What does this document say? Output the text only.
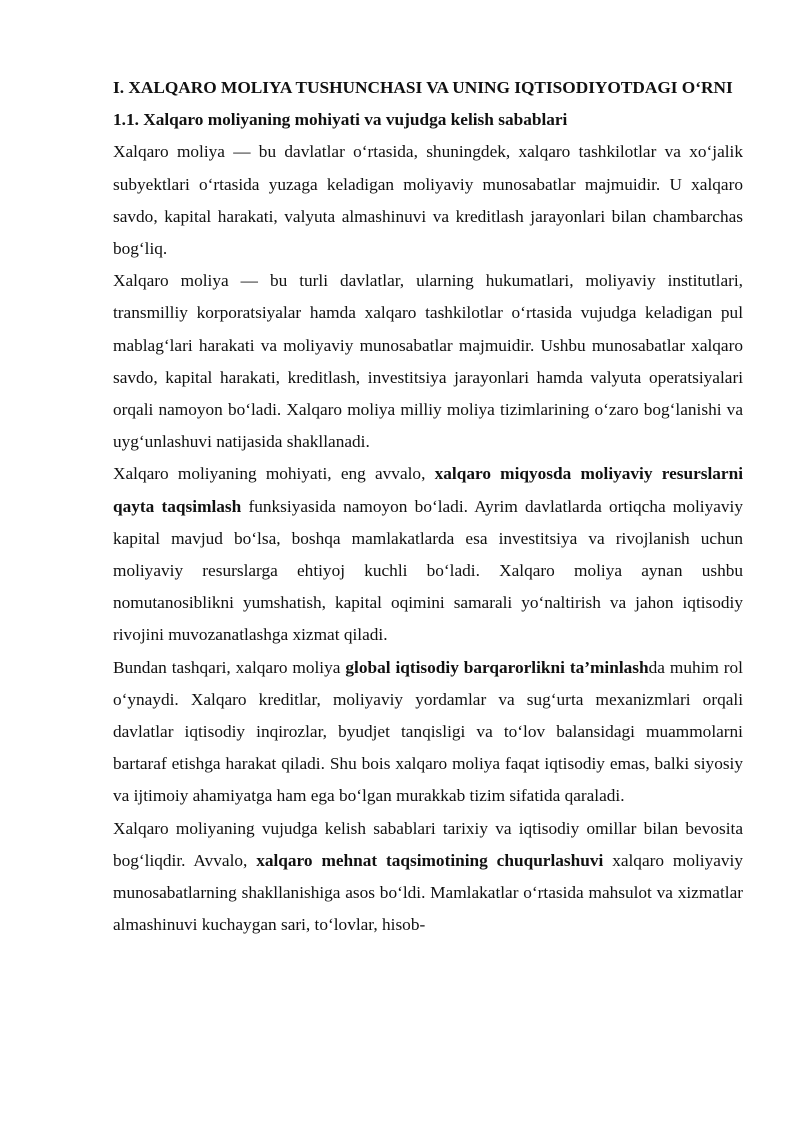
I. XALQARO MOLIYA TUSHUNCHASI VA UNING IQTISODIYOTDAGI O‘RNI
1.1. Xalqaro moliyaning mohiyati va vujudga kelish sabablari

Xalqaro moliya — bu davlatlar o‘rtasida, shuningdek, xalqaro tashkilotlar va xo‘jalik subyektlari o‘rtasida yuzaga keladigan moliyaviy munosabatlar majmuidir. U xalqaro savdo, kapital harakati, valyuta almashinuvi va kreditlash jarayonlari bilan chambarchas bog‘liq.

Xalqaro moliya — bu turli davlatlar, ularning hukumatlari, moliyaviy institutlari, transmilliy korporatsiyalar hamda xalqaro tashkilotlar o‘rtasida vujudga keladigan pul mablag‘lari harakati va moliyaviy munosabatlar majmuidir. Ushbu munosabatlar xalqaro savdo, kapital harakati, kreditlash, investitsiya jarayonlari hamda valyuta operatsiyalari orqali namoyon bo‘ladi. Xalqaro moliya milliy moliya tizimlarining o‘zaro bog‘lanishi va uyg‘unlashuvi natijasida shakllanadi.

Xalqaro moliyaning mohiyati, eng avvalo, xalqaro miqyosda moliyaviy resurslarni qayta taqsimlash funksiyasida namoyon bo‘ladi. Ayrim davlatlarda ortiqcha moliyaviy kapital mavjud bo‘lsa, boshqa mamlakatlarda esa investitsiya va rivojlanish uchun moliyaviy resurslarga ehtiyoj kuchli bo‘ladi. Xalqaro moliya aynan ushbu nomutanosiblikni yumshatish, kapital oqimini samarali yo‘naltirish va jahon iqtisodiy rivojini muvozanatlashga xizmat qiladi.

Bundan tashqari, xalqaro moliya global iqtisodiy barqarorlikni ta’minlashda muhim rol o‘ynaydi. Xalqaro kreditlar, moliyaviy yordamlar va sug‘urta mexanizmlari orqali davlatlar iqtisodiy inqirozlar, byudjet tanqisligi va to‘lov balansidagi muammolarni bartaraf etishga harakat qiladi. Shu bois xalqaro moliya faqat iqtisodiy emas, balki siyosiy va ijtimoiy ahamiyatga ham ega bo‘lgan murakkab tizim sifatida qaraladi.

Xalqaro moliyaning vujudga kelish sabablari tarixiy va iqtisodiy omillar bilan bevosita bog‘liqdir. Avvalo, xalqaro mehnat taqsimotining chuqurlashuvi xalqaro moliyaviy munosabatlarning shakllanishiga asos bo‘ldi. Mamlakatlar o‘rtasida mahsulot va xizmatlar almashinuvi kuchaygan sari, to‘lovlar, hisob-
